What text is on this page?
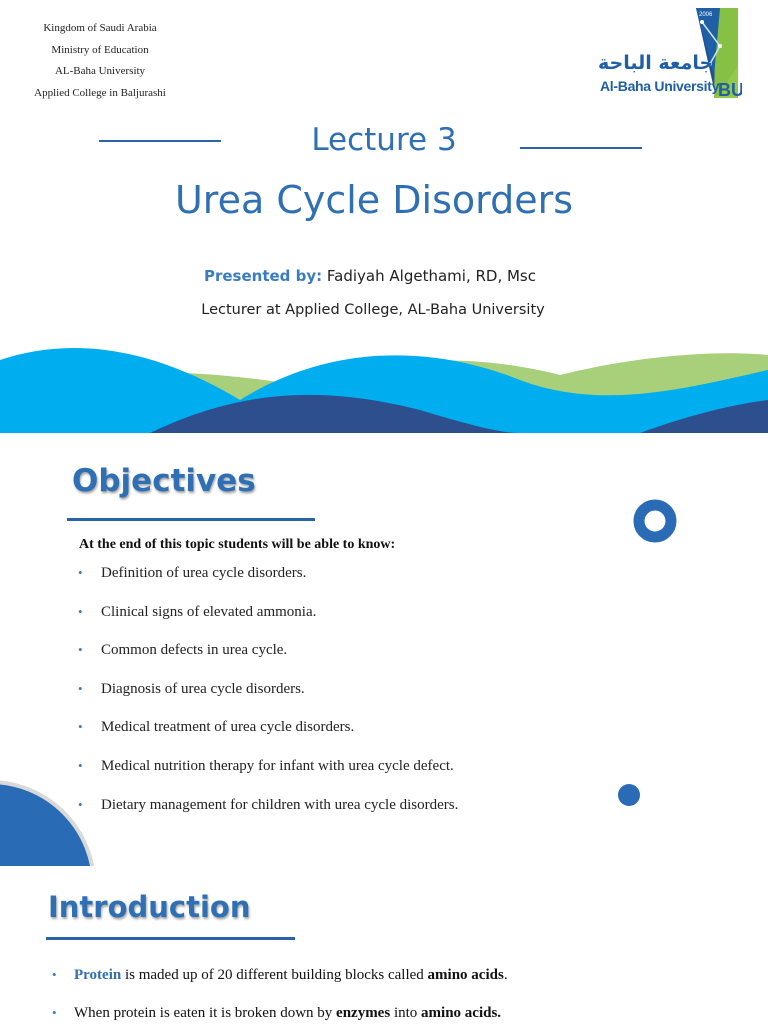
Kingdom of Saudi Arabia
Ministry of Education
AL-Baha University
Applied College in Baljurashi
2006
BU
جامعة الباحة
Al-Baha University
Lecture 3
Urea Cycle Disorders
Presented by: Fadiyah Algethami, RD, Msc
Lecturer at Applied College, AL-Baha University
Objectives
At the end of this topic students will be able to know:
• Definition of urea cycle disorders.
• Clinical signs of elevated ammonia.
• Common defects in urea cycle.
• Diagnosis of urea cycle disorders.
• Medical treatment of urea cycle disorders.
• Medical nutrition therapy for infant with urea cycle defect.
• Dietary management for children with urea cycle disorders.
Introduction
• Protein is maded up of 20 different building blocks called amino acids.
• When protein is eaten it is broken down by enzymes into amino acids.
